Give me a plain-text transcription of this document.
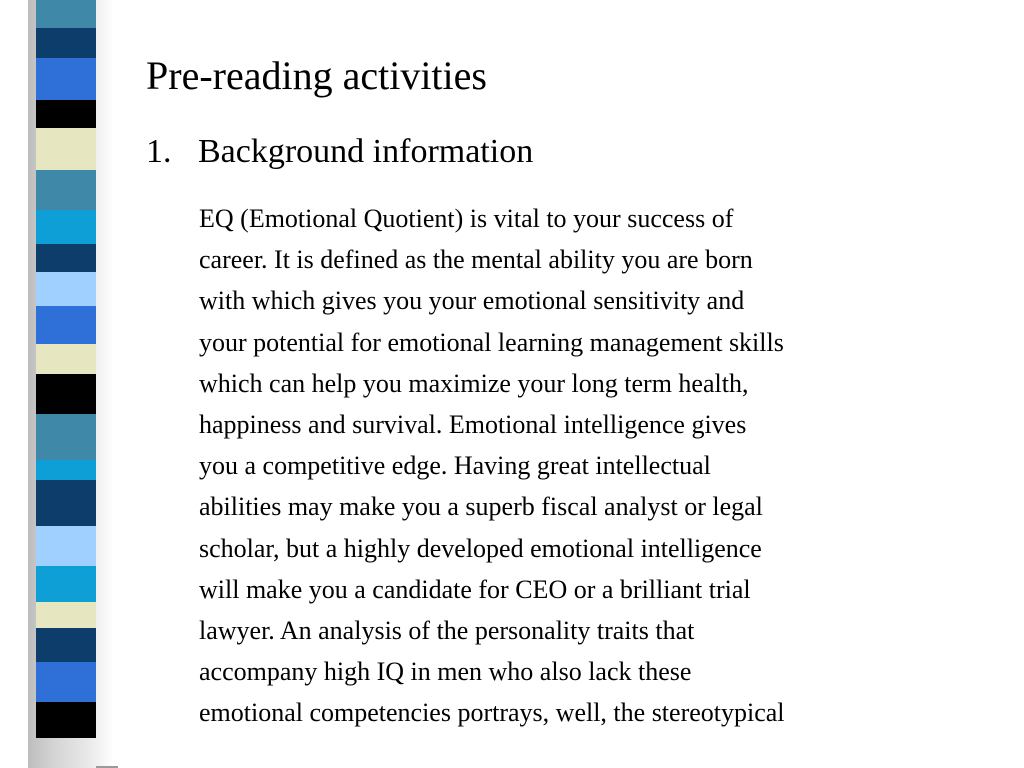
Pre-reading activities
1. Background information

EQ (Emotional Quotient) is vital to your success of
career. It is defined as the mental ability you are born
with which gives you your emotional sensitivity and
your potential for emotional learning management skills
which can help you maximize your long term health,
happiness and survival. Emotional intelligence gives
you a competitive edge. Having great intellectual
abilities may make you a superb fiscal analyst or legal
scholar, but a highly developed emotional intelligence
will make you a candidate for CEO or a brilliant trial
lawyer. An analysis of the personality traits that
accompany high IQ in men who also lack these
emotional competencies portrays, well, the stereotypical
